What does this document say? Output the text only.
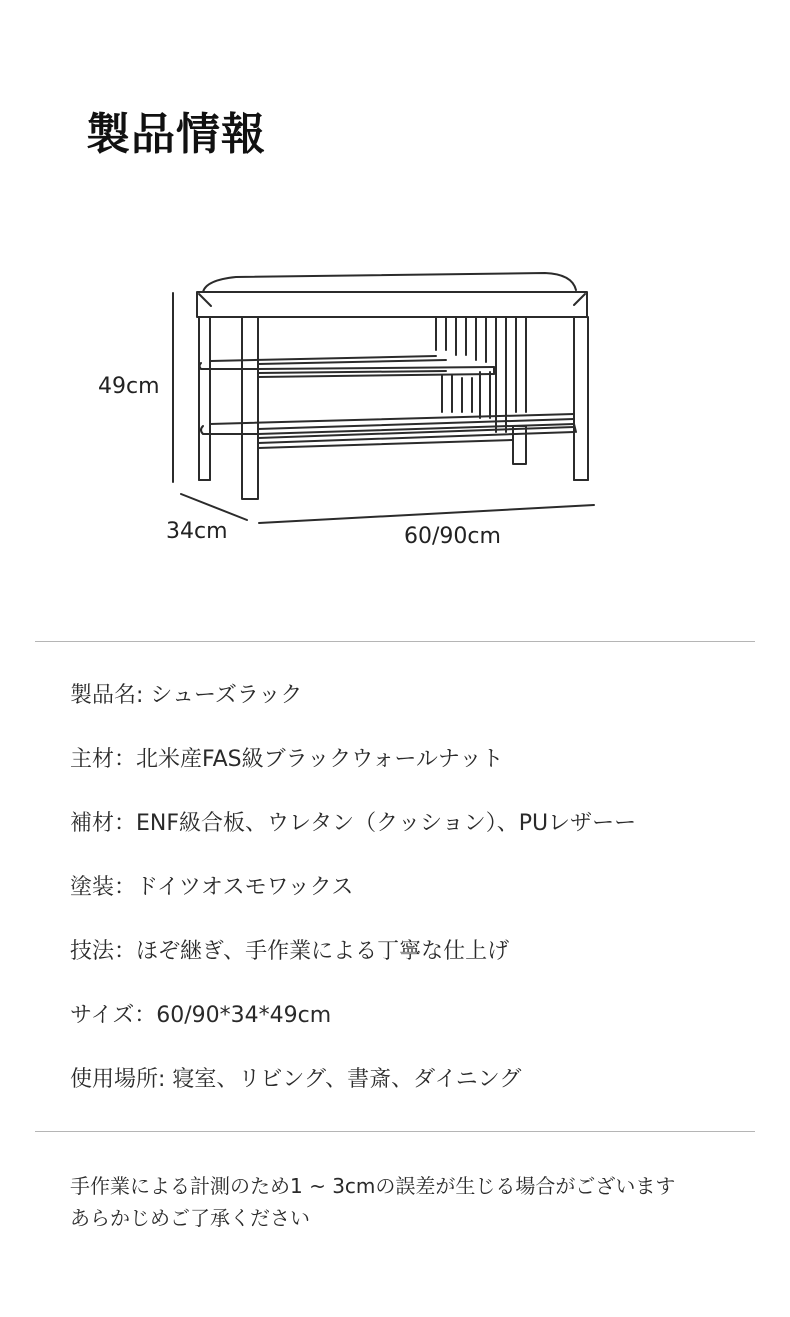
製品情報
49cm
34cm	60/90cm
製品名: シューズラック
主材：北米産FAS級ブラックウォールナット
補材：ENF級合板、ウレタン（クッション）、PUレザーー
塗装：ドイツオスモワックス
技法：ほぞ継ぎ、手作業による丁寧な仕上げ
サイズ：60/90*34*49cm
使用場所: 寝室、リビング、書斎、ダイニング
手作業による計測のため1 ~ 3cmの誤差が生じる場合がございます
あらかじめご了承ください
